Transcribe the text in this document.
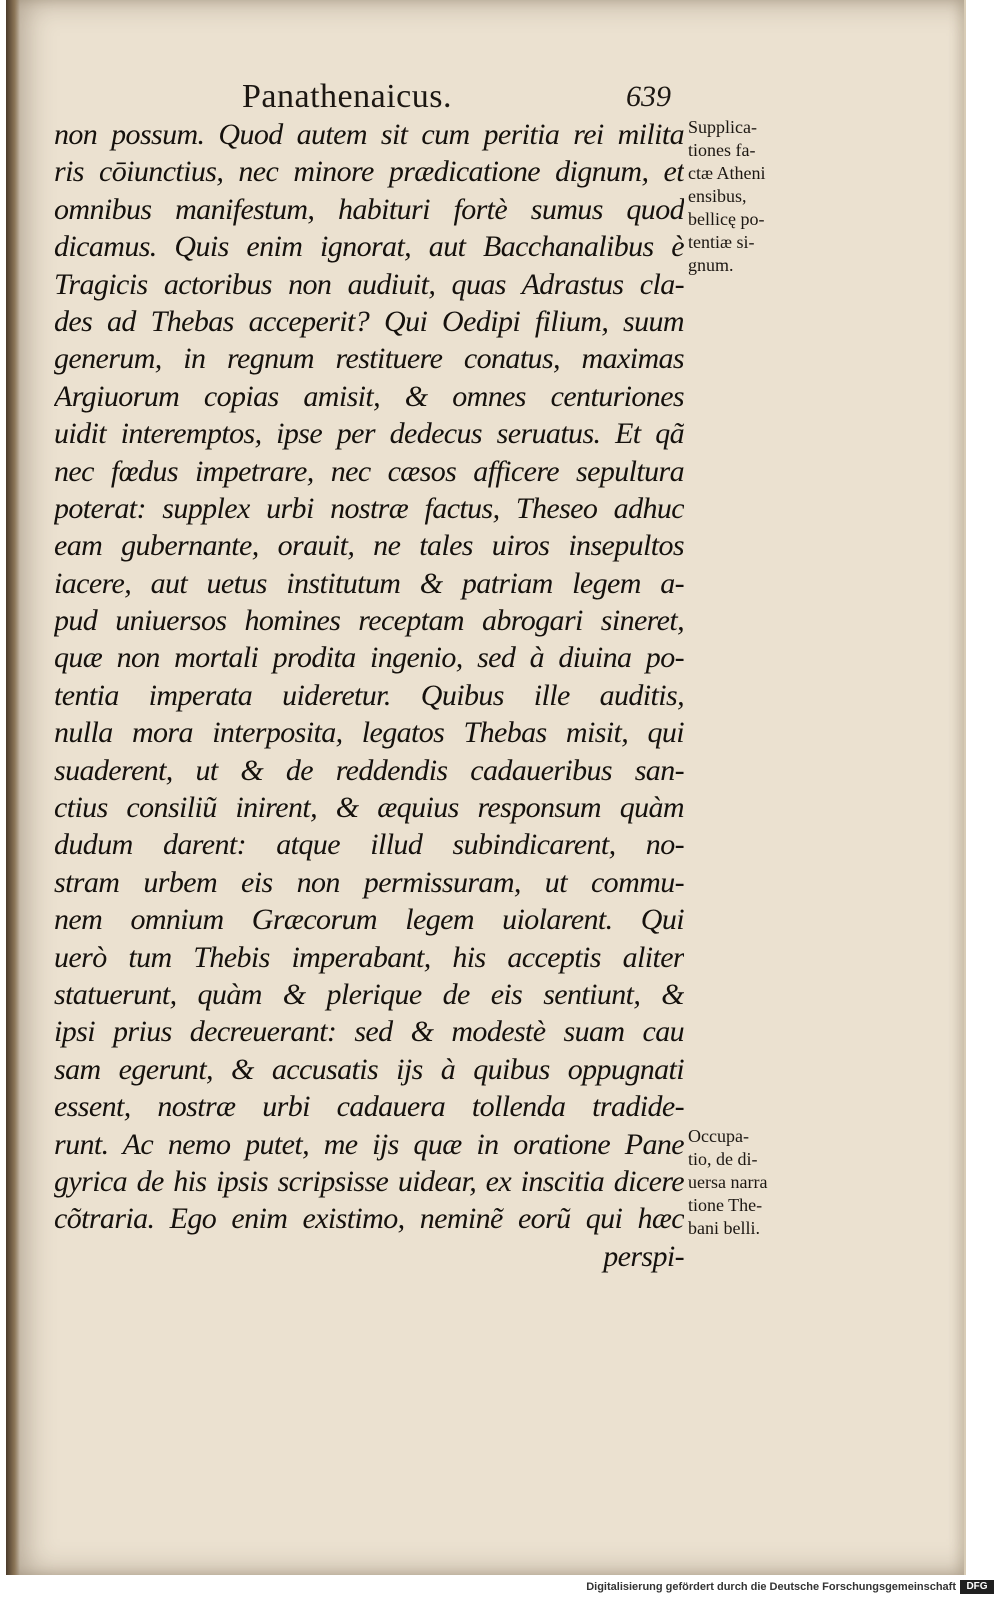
Panathenaicus.	639
non possum. Quod autem sit cum peritia rei milita
ris cōiunctius, nec minore prædicatione dignum, et
omnibus manifestum, habituri fortè sumus quod
dicamus. Quis enim ignorat, aut Bacchanalibus è
Tragicis actoribus non audiuit, quas Adrastus cla-
des ad Thebas acceperit? Qui Oedipi filium, suum
generum, in regnum restituere conatus, maximas
Argiuorum copias amisit, & omnes centuriones
uidit interemptos, ipse per dedecus seruatus. Et qã
nec fœdus impetrare, nec cæsos afficere sepultura
poterat: supplex urbi nostræ factus, Theseo adhuc
eam gubernante, orauit, ne tales uiros insepultos
iacere, aut uetus institutum & patriam legem a-
pud uniuersos homines receptam abrogari sineret,
quæ non mortali prodita ingenio, sed à diuina po-
tentia imperata uideretur. Quibus ille auditis,
nulla mora interposita, legatos Thebas misit, qui
suaderent, ut & de reddendis cadaueribus san-
ctius consiliũ inirent, & æquius responsum quàm
dudum darent: atque illud subindicarent, no-
stram urbem eis non permissuram, ut commu-
nem omnium Græcorum legem uiolarent. Qui
uerò tum Thebis imperabant, his acceptis aliter
statuerunt, quàm & plerique de eis sentiunt, &
ipsi prius decreuerant: sed & modestè suam cau
sam egerunt, & accusatis ijs à quibus oppugnati
essent, nostræ urbi cadauera tollenda tradide-
runt. Ac nemo putet, me ijs quæ in oratione Pane
gyrica de his ipsis scripsisse uidear, ex inscitia dicere
cõtraria. Ego enim existimo, neminẽ eorũ qui hæc
perspi-
Supplica-
tiones fa-
ctæ Atheni
ensibus,
bellicę po-
tentiæ si-
gnum.
Occupa-
tio, de di-
uersa narra
tione The-
bani belli.
Digitalisierung gefördert durch die Deutsche Forschungsgemeinschaft	DFG
